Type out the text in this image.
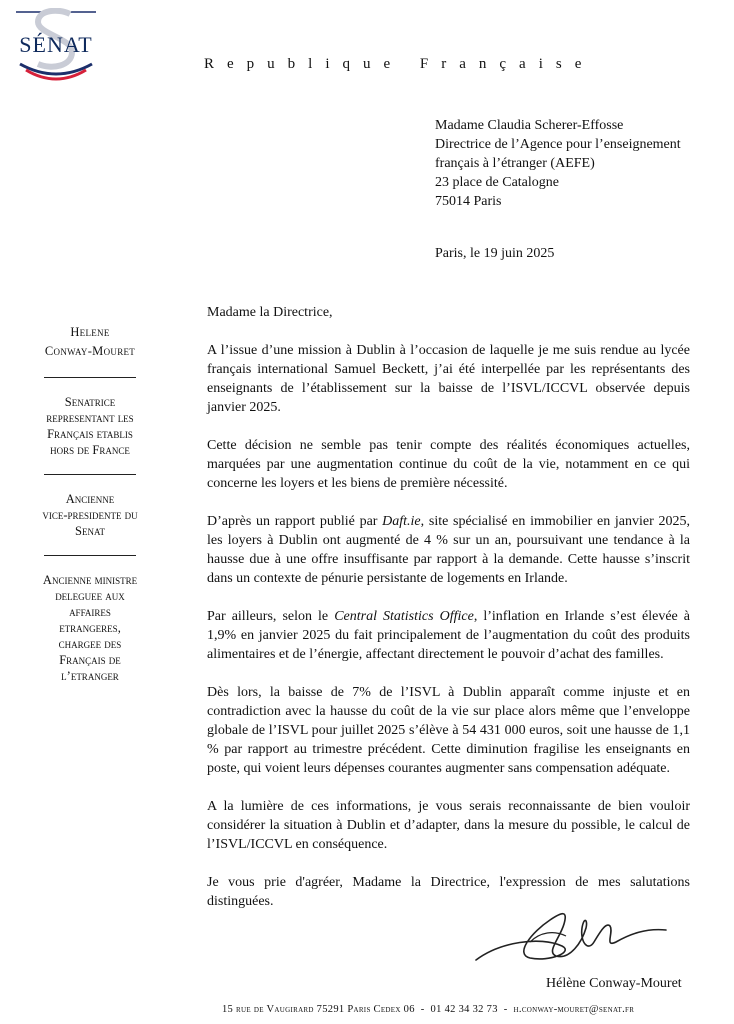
SÉNAT
Republique Française
Madame Claudia Scherer-Effosse
Directrice de l’Agence pour l’enseignement
français à l’étranger (AEFE)
23 place de Catalogne
75014 Paris
Paris, le 19 juin 2025
Helene
Conway-Mouret
Senatrice
representant les
Français etablis
hors de France
Ancienne
vice-presidente du
Senat
Ancienne ministre
deleguee aux
affaires
etrangeres,
chargee des
Français de
l’etranger

Madame la Directrice,

A l’issue d’une mission à Dublin à l’occasion de laquelle je me suis rendue au lycée français international Samuel Beckett, j’ai été interpellée par les représentants des enseignants de l’établissement sur la baisse de l’ISVL/ICCVL observée depuis janvier 2025.

Cette décision ne semble pas tenir compte des réalités économiques actuelles, marquées par une augmentation continue du coût de la vie, notamment en ce qui concerne les loyers et les biens de première nécessité.

D’après un rapport publié par Daft.ie, site spécialisé en immobilier en janvier 2025, les loyers à Dublin ont augmenté de 4 % sur un an, poursuivant une tendance à la hausse due à une offre insuffisante par rapport à la demande. Cette hausse s’inscrit dans un contexte de pénurie persistante de logements en Irlande.

Par ailleurs, selon le Central Statistics Office, l’inflation en Irlande s’est élevée à 1,9% en janvier 2025 du fait principalement de l’augmentation du coût des produits alimentaires et de l’énergie, affectant directement le pouvoir d’achat des familles.

Dès lors, la baisse de 7% de l’ISVL à Dublin apparaît comme injuste et en contradiction avec la hausse du coût de la vie sur place alors même que l’enveloppe globale de l’ISVL pour juillet 2025 s’élève à 54 431 000 euros, soit une hausse de 1,1 % par rapport au trimestre précédent. Cette diminution fragilise les enseignants en poste, qui voient leurs dépenses courantes augmenter sans compensation adéquate.

A la lumière de ces informations, je vous serais reconnaissante de bien vouloir considérer la situation à Dublin et d’adapter, dans la mesure du possible, le calcul de l’ISVL/ICCVL en conséquence.

Je vous prie d'agréer, Madame la Directrice, l'expression de mes salutations distinguées.

Hélène Conway-Mouret
15 rue de Vaugirard 75291 Paris Cedex 06 - 01 42 34 32 73 - h.conway-mouret@senat.fr
